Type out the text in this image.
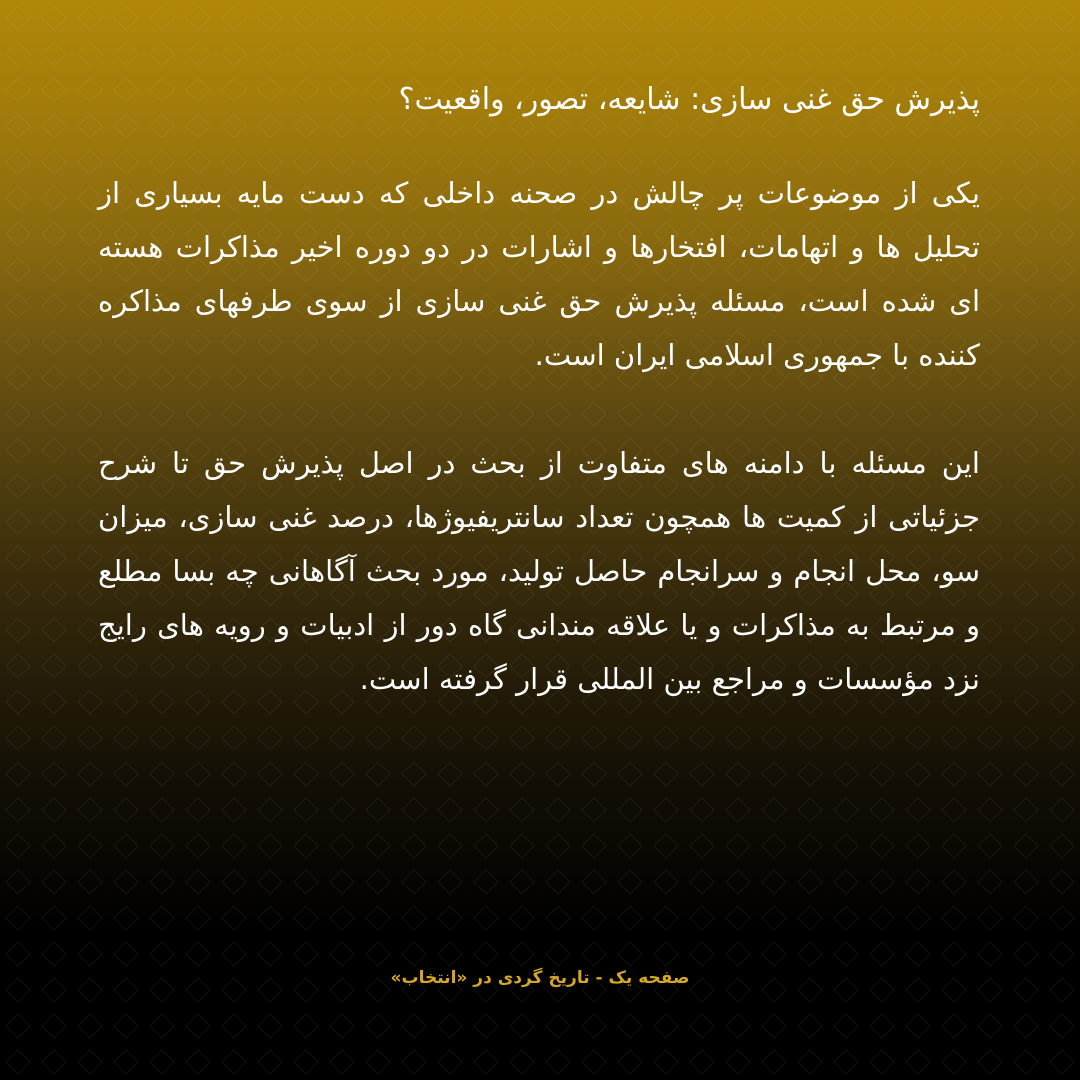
پذیرش حق غنی سازی: شایعه، تصور، واقعیت؟
یکی از موضوعات پر چالش در صحنه داخلی که دست مایه بسیاری از تحلیل ها و اتهامات، افتخارها و اشارات در دو دوره اخیر مذاکرات هسته ای شده است، مسئله پذیرش حق غنی سازی از سوی طرفهای مذاکره کننده با جمهوری اسلامی ایران است.
این مسئله با دامنه های متفاوت از بحث در اصل پذیرش حق تا شرح جزئیاتی از کمیت ها همچون تعداد سانتریفیوژها، درصد غنی سازی، میزان سو، محل انجام و سرانجام حاصل تولید، مورد بحث آگاهانی چه بسا مطلع و مرتبط به مذاکرات و یا علاقه مندانی گاه دور از ادبیات و رویه های رایج نزد مؤسسات و مراجع بین المللی قرار گرفته است.
صفحه یک - تاریخ گردی در «انتخاب»
